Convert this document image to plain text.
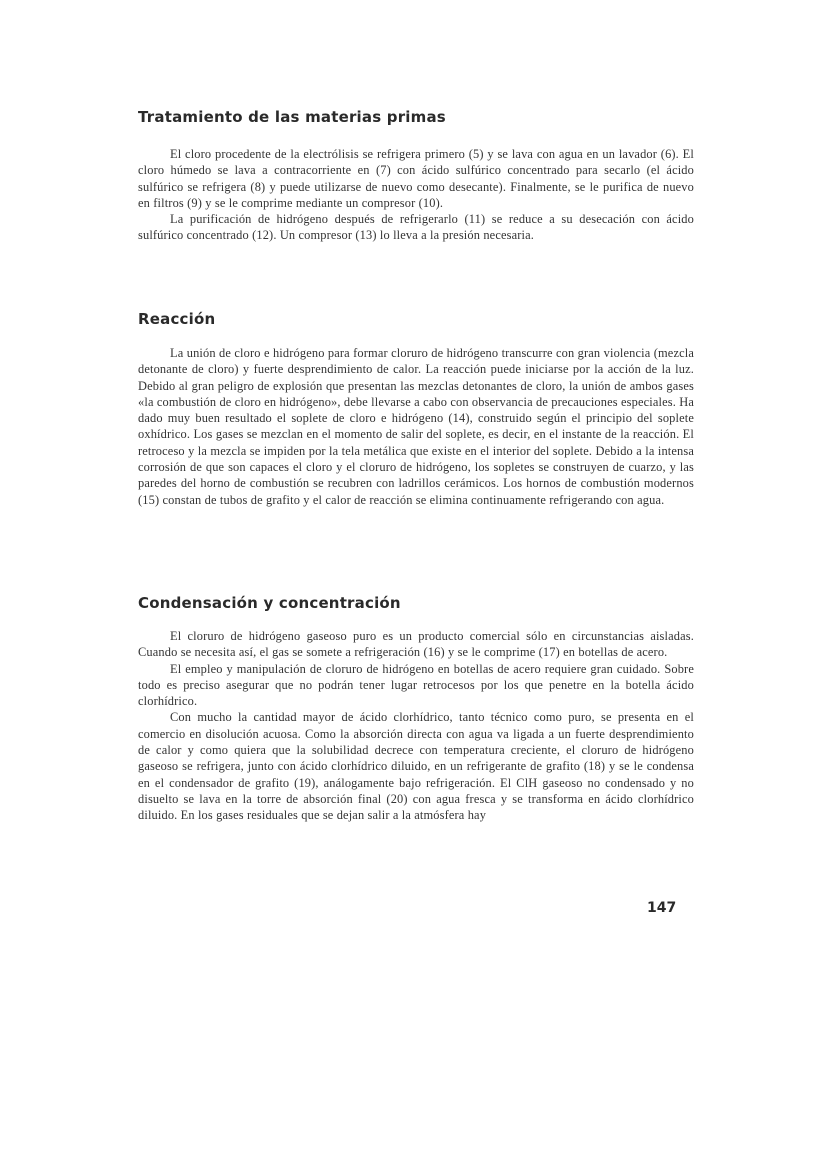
Tratamiento de las materias primas

El cloro procedente de la electrólisis se refrigera primero (5) y se lava con agua en un lavador (6). El cloro húmedo se lava a contracorriente en (7) con ácido sulfúrico concentrado para secarlo (el ácido sulfúrico se refrigera (8) y puede utilizarse de nuevo como desecante). Finalmente, se le purifica de nuevo en filtros (9) y se le comprime mediante un compresor (10).

La purificación de hidrógeno después de refrigerarlo (11) se reduce a su desecación con ácido sulfúrico concentrado (12). Un compresor (13) lo lleva a la presión necesaria.

Reacción

La unión de cloro e hidrógeno para formar cloruro de hidrógeno transcurre con gran violencia (mezcla detonante de cloro) y fuerte desprendimiento de calor. La reacción puede iniciarse por la acción de la luz. Debido al gran peligro de explosión que presentan las mezclas detonantes de cloro, la unión de ambos gases «la combustión de cloro en hidrógeno», debe llevarse a cabo con observancia de precauciones especiales. Ha dado muy buen resultado el soplete de cloro e hidrógeno (14), construido según el principio del soplete oxhídrico. Los gases se mezclan en el momento de salir del soplete, es decir, en el instante de la reacción. El retroceso y la mezcla se impiden por la tela metálica que existe en el interior del soplete. Debido a la intensa corrosión de que son capaces el cloro y el cloruro de hidrógeno, los sopletes se construyen de cuarzo, y las paredes del horno de combustión se recubren con ladrillos cerámicos. Los hornos de combustión modernos (15) constan de tubos de grafito y el calor de reacción se elimina continuamente refrigerando con agua.

Condensación y concentración

El cloruro de hidrógeno gaseoso puro es un producto comercial sólo en circunstancias aisladas. Cuando se necesita así, el gas se somete a refrigeración (16) y se le comprime (17) en botellas de acero.

El empleo y manipulación de cloruro de hidrógeno en botellas de acero requiere gran cuidado. Sobre todo es preciso asegurar que no podrán tener lugar retrocesos por los que penetre en la botella ácido clorhídrico.

Con mucho la cantidad mayor de ácido clorhídrico, tanto técnico como puro, se presenta en el comercio en disolución acuosa. Como la absorción directa con agua va ligada a un fuerte desprendimiento de calor y como quiera que la solubilidad decrece con temperatura creciente, el cloruro de hidrógeno gaseoso se refrigera, junto con ácido clorhídrico diluido, en un refrigerante de grafito (18) y se le condensa en el condensador de grafito (19), análogamente bajo refrigeración. El ClH gaseoso no condensado y no disuelto se lava en la torre de absorción final (20) con agua fresca y se transforma en ácido clorhídrico diluido. En los gases residuales que se dejan salir a la atmósfera hay

147
